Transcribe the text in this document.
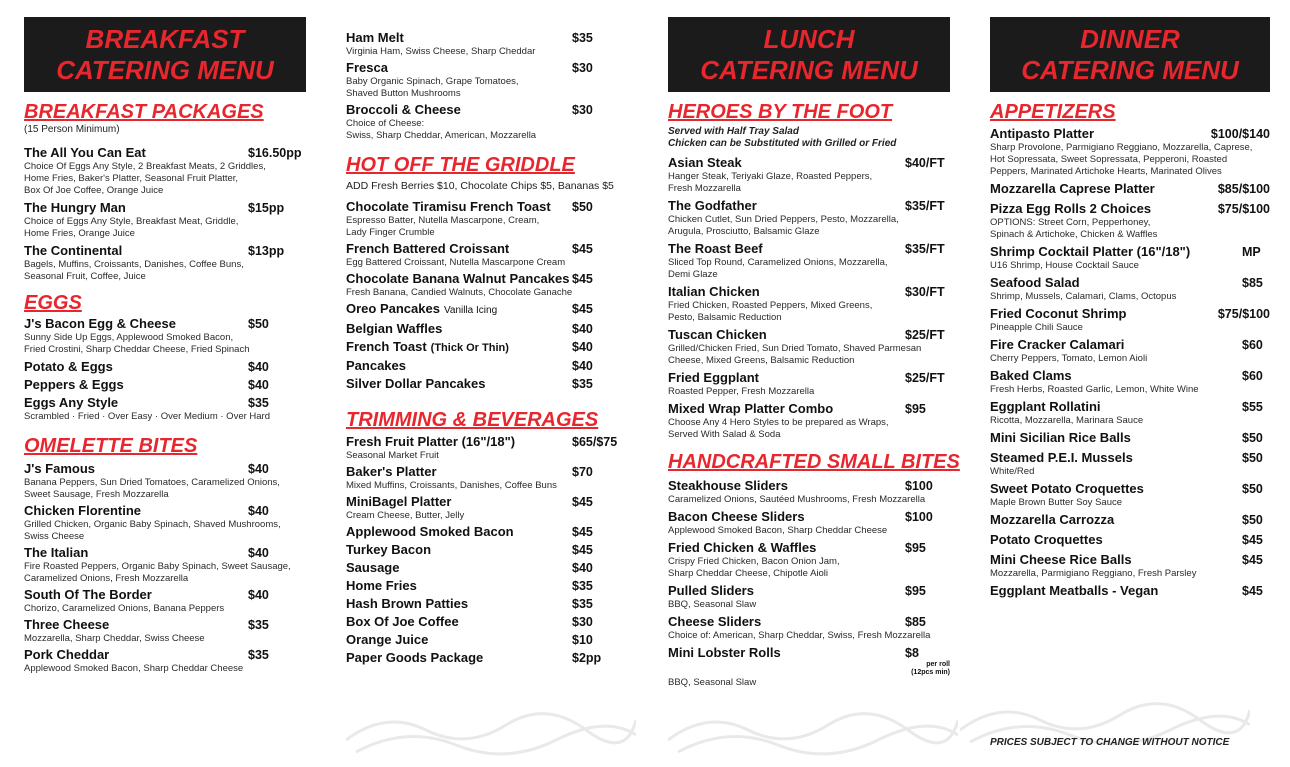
BREAKFAST
CATERING MENU
BREAKFAST PACKAGES
(15 Person Minimum)
The All You Can Eat	$16.50pp
Choice Of Eggs Any Style, 2 Breakfast Meats, 2 Griddles,
Home Fries, Baker's Platter, Seasonal Fruit Platter,
Box Of Joe Coffee, Orange Juice
The Hungry Man	$15pp
Choice of Eggs Any Style, Breakfast Meat, Griddle,
Home Fries, Orange Juice
The Continental	$13pp
Bagels, Muffins, Croissants, Danishes, Coffee Buns,
Seasonal Fruit, Coffee, Juice
EGGS
J's Bacon Egg & Cheese	$50
Sunny Side Up Eggs, Applewood Smoked Bacon,
Fried Crostini, Sharp Cheddar Cheese, Fried Spinach
Potato & Eggs	$40
Peppers & Eggs	$40
Eggs Any Style	$35
Scrambled · Fried · Over Easy · Over Medium · Over Hard
OMELETTE BITES
J's Famous	$40
Banana Peppers, Sun Dried Tomatoes, Caramelized Onions,
Sweet Sausage, Fresh Mozzarella
Chicken Florentine	$40
Grilled Chicken, Organic Baby Spinach, Shaved Mushrooms,
Swiss Cheese
The Italian	$40
Fire Roasted Peppers, Organic Baby Spinach, Sweet Sausage,
Caramelized Onions, Fresh Mozzarella
South Of The Border	$40
Chorizo, Caramelized Onions, Banana Peppers
Three Cheese	$35
Mozzarella, Sharp Cheddar, Swiss Cheese
Pork Cheddar	$35
Applewood Smoked Bacon, Sharp Cheddar Cheese
Ham Melt	$35
Virginia Ham, Swiss Cheese, Sharp Cheddar
Fresca	$30
Baby Organic Spinach, Grape Tomatoes,
Shaved Button Mushrooms
Broccoli & Cheese	$30
Choice of Cheese:
Swiss, Sharp Cheddar, American, Mozzarella
HOT OFF THE GRIDDLE
ADD Fresh Berries $10, Chocolate Chips $5, Bananas $5
Chocolate Tiramisu French Toast $50
Espresso Batter, Nutella Mascarpone, Cream,
Lady Finger Crumble
French Battered Croissant	$45
Egg Battered Croissant, Nutella Mascarpone Cream
Chocolate Banana Walnut Pancakes $45
Fresh Banana, Candied Walnuts, Chocolate Ganache
Oreo Pancakes Vanilla Icing	$45
Belgian Waffles	$40
French Toast (Thick Or Thin)	$40
Pancakes	$40
Silver Dollar Pancakes	$35
TRIMMING & BEVERAGES
Fresh Fruit Platter (16"/18")	$65/$75
Seasonal Market Fruit
Baker's Platter	$70
Mixed Muffins, Croissants, Danishes, Coffee Buns
MiniBagel Platter	$45
Cream Cheese, Butter, Jelly
Applewood Smoked Bacon	$45
Turkey Bacon	$45
Sausage	$40
Home Fries	$35
Hash Brown Patties	$35
Box Of Joe Coffee	$30
Orange Juice	$10
Paper Goods Package	$2pp
LUNCH
CATERING MENU
HEROES BY THE FOOT
Served with Half Tray Salad
Chicken can be Substituted with Grilled or Fried
Asian Steak	$40/FT
Hanger Steak, Teriyaki Glaze, Roasted Peppers,
Fresh Mozzarella
The Godfather	$35/FT
Chicken Cutlet, Sun Dried Peppers, Pesto, Mozzarella,
Arugula, Prosciutto, Balsamic Glaze
The Roast Beef	$35/FT
Sliced Top Round, Caramelized Onions, Mozzarella,
Demi Glaze
Italian Chicken	$30/FT
Fried Chicken, Roasted Peppers, Mixed Greens,
Pesto, Balsamic Reduction
Tuscan Chicken	$25/FT
Grilled/Chicken Fried, Sun Dried Tomato, Shaved Parmesan
Cheese, Mixed Greens, Balsamic Reduction
Fried Eggplant	$25/FT
Roasted Pepper, Fresh Mozzarella
Mixed Wrap Platter Combo	$95
Choose Any 4 Hero Styles to be prepared as Wraps,
Served With Salad & Soda
HANDCRAFTED SMALL BITES
Steakhouse Sliders	$100
Caramelized Onions, Sautéed Mushrooms, Fresh Mozzarella
Bacon Cheese Sliders	$100
Applewood Smoked Bacon, Sharp Cheddar Cheese
Fried Chicken & Waffles	$95
Crispy Fried Chicken, Bacon Onion Jam,
Sharp Cheddar Cheese, Chipotle Aioli
Pulled Sliders	$95
BBQ, Seasonal Slaw
Cheese Sliders	$85
Choice of: American, Sharp Cheddar, Swiss, Fresh Mozzarella
Mini Lobster Rolls	$8
per roll
(12pcs min)
BBQ, Seasonal Slaw
DINNER
CATERING MENU
APPETIZERS
Antipasto Platter	$100/$140
Sharp Provolone, Parmigiano Reggiano, Mozzarella, Caprese,
Hot Sopressata, Sweet Sopressata, Pepperoni, Roasted
Peppers, Marinated Artichoke Hearts, Marinated Olives
Mozzarella Caprese Platter	$85/$100
Pizza Egg Rolls 2 Choices	$75/$100
OPTIONS: Street Corn, Pepperhoney,
Spinach & Artichoke, Chicken & Waffles
Shrimp Cocktail Platter (16"/18")	MP
U16 Shrimp, House Cocktail Sauce
Seafood Salad	$85
Shrimp, Mussels, Calamari, Clams, Octopus
Fried Coconut Shrimp	$75/$100
Pineapple Chili Sauce
Fire Cracker Calamari	$60
Cherry Peppers, Tomato, Lemon Aioli
Baked Clams	$60
Fresh Herbs, Roasted Garlic, Lemon, White Wine
Eggplant Rollatini	$55
Ricotta, Mozzarella, Marinara Sauce
Mini Sicilian Rice Balls	$50
Steamed P.E.I. Mussels	$50
White/Red
Sweet Potato Croquettes	$50
Maple Brown Butter Soy Sauce
Mozzarella Carrozza	$50
Potato Croquettes	$45
Mini Cheese Rice Balls	$45
Mozzarella, Parmigiano Reggiano, Fresh Parsley
Eggplant Meatballs - Vegan	$45
PRICES SUBJECT TO CHANGE WITHOUT NOTICE
